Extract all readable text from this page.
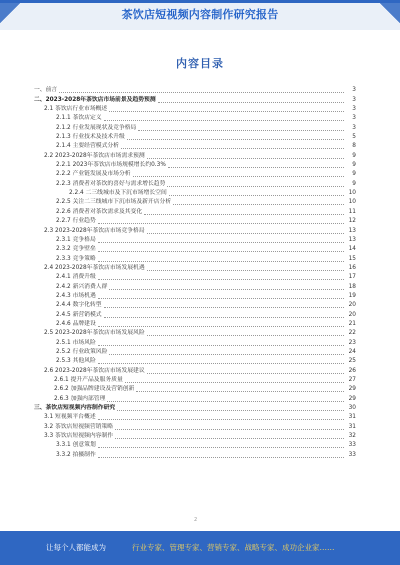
茶饮店短视频内容制作研究报告
内容目录
一、前言	3
二、2023-2028年茶饮店市场前景及趋势预测	3
2.1 茶饮店行业市场概述	3
2.1.1 茶饮店定义	3
2.1.2 行业发展现状及竞争格局	3
2.1.3 行业技术及技术升级	5
2.1.4 主要经营模式分析	8
2.2 2023-2028年茶饮店市场需求预测	9
2.2.1 2023年茶饮店市场规模增长约0.3%	9
2.2.2 产业链发展及市场分析	9
2.2.3 消费者对茶饮的喜好与需求增长趋势	9
2.2.4 二三线城市及下沉市场增长空间	10
2.2.5 关注二三线城市下沉市场及新开店分析	10
2.2.6 消费者对茶饮需求及其变化	11
2.2.7 行业趋势	12
2.3 2023-2028年茶饮店市场竞争格局	13
2.3.1 竞争格局	13
2.3.2 竞争壁垒	14
2.3.3 竞争策略	15
2.4 2023-2028年茶饮店市场发展机遇	16
2.4.1 消费升级	17
2.4.2 新兴消费人群	18
2.4.3 市场机遇	19
2.4.4 数字化转型	20
2.4.5 新营销模式	20
2.4.6 品牌建设	21
2.5 2023-2028年茶饮店市场发展风险	22
2.5.1 市场风险	23
2.5.2 行业政策风险	24
2.5.3 其他风险	25
2.6 2023-2028年茶饮店市场发展建议	26
2.6.1 提升产品及服务质量	27
2.6.2 加强品牌建设及营销创新	29
2.6.3 加强内部管理	29
三、茶饮店短视频内容制作研究	30
3.1 短视频平台概述	31
3.2 茶饮店短视频营销策略	31
3.3 茶饮店短视频内容制作	32
3.3.1 创意策划	33
3.3.2 拍摄制作	33
2
让每个人都能成为	行业专家、管理专家、营销专家、战略专家、成功企业家……
